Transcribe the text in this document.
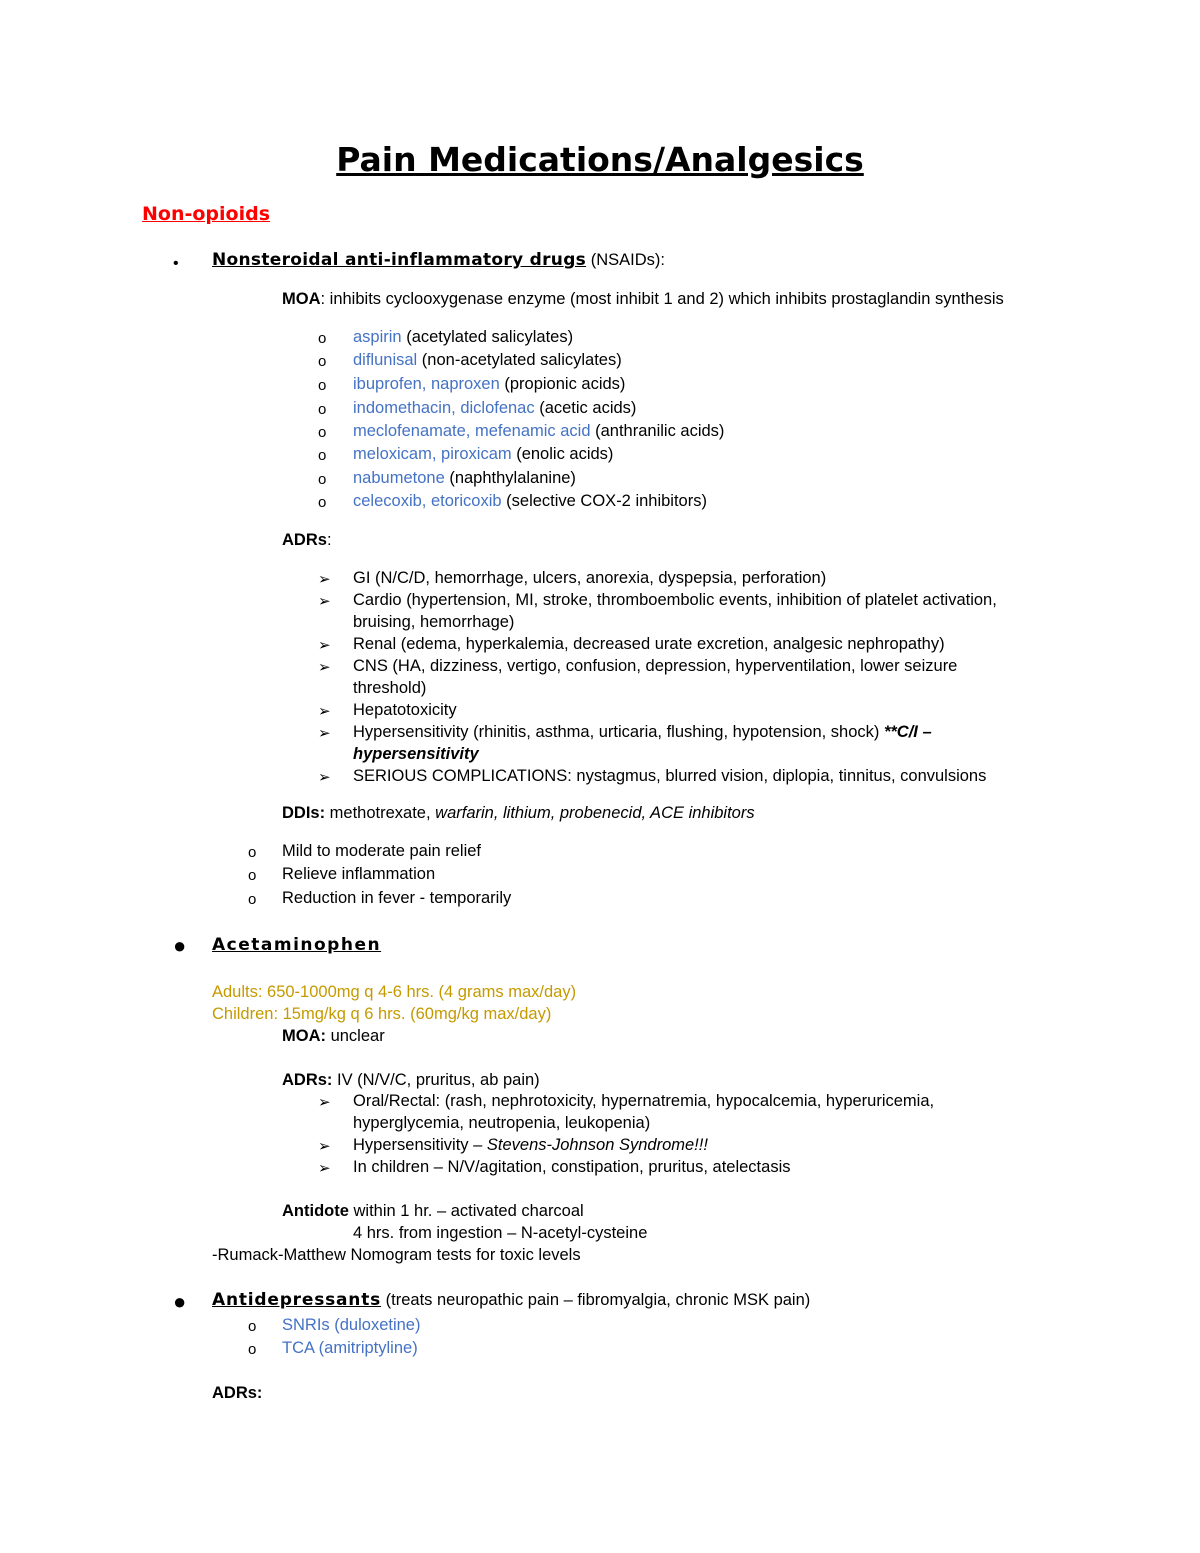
Pain Medications/Analgesics
Non-opioids
• Nonsteroidal anti-inflammatory drugs (NSAIDs):
MOA: inhibits cyclooxygenase enzyme (most inhibit 1 and 2) which inhibits prostaglandin synthesis
o aspirin (acetylated salicylates)
o diflunisal (non-acetylated salicylates)
o ibuprofen, naproxen (propionic acids)
o indomethacin, diclofenac (acetic acids)
o meclofenamate, mefenamic acid (anthranilic acids)
o meloxicam, piroxicam (enolic acids)
o nabumetone (naphthylalanine)
o celecoxib, etoricoxib (selective COX-2 inhibitors)
ADRs:
➢ GI (N/C/D, hemorrhage, ulcers, anorexia, dyspepsia, perforation)
➢ Cardio (hypertension, MI, stroke, thromboembolic events, inhibition of platelet activation,
bruising, hemorrhage)
➢ Renal (edema, hyperkalemia, decreased urate excretion, analgesic nephropathy)
➢ CNS (HA, dizziness, vertigo, confusion, depression, hyperventilation, lower seizure
threshold)
➢ Hepatotoxicity
➢ Hypersensitivity (rhinitis, asthma, urticaria, flushing, hypotension, shock) **C/I –
hypersensitivity
➢ SERIOUS COMPLICATIONS: nystagmus, blurred vision, diplopia, tinnitus, convulsions
DDIs: methotrexate, warfarin, lithium, probenecid, ACE inhibitors
o Mild to moderate pain relief
o Relieve inflammation
o Reduction in fever - temporarily
● Acetaminophen
Adults: 650-1000mg q 4-6 hrs. (4 grams max/day)
Children: 15mg/kg q 6 hrs. (60mg/kg max/day)
MOA: unclear
ADRs: IV (N/V/C, pruritus, ab pain)
➢ Oral/Rectal: (rash, nephrotoxicity, hypernatremia, hypocalcemia, hyperuricemia,
hyperglycemia, neutropenia, leukopenia)
➢ Hypersensitivity – Stevens-Johnson Syndrome!!!
➢ In children – N/V/agitation, constipation, pruritus, atelectasis
Antidote within 1 hr. – activated charcoal
4 hrs. from ingestion – N-acetyl-cysteine
-Rumack-Matthew Nomogram tests for toxic levels
● Antidepressants (treats neuropathic pain – fibromyalgia, chronic MSK pain)
o SNRIs (duloxetine)
o TCA (amitriptyline)
ADRs:
